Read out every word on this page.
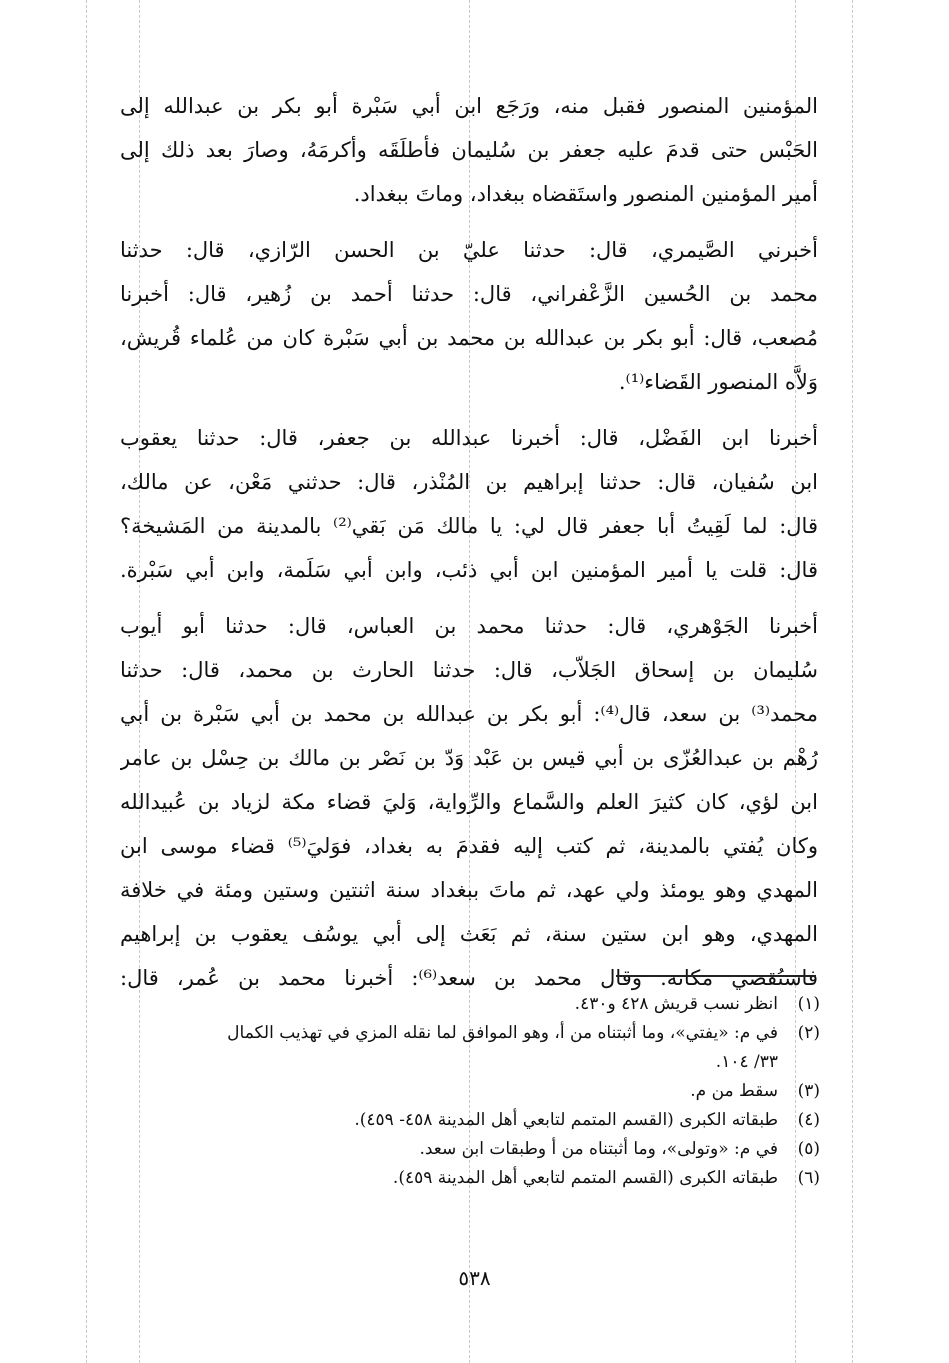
المؤمنين المنصور فقبل منه، ورَجَع ابن أبي سَبْرة أبو بكر بن عبدالله إلى
الحَبْس حتى قدمَ عليه جعفر بن سُليمان فأطلَقَه وأكرمَهُ، وصارَ بعد ذلك إلى
أمير المؤمنين المنصور واستَقضاه ببغداد، وماتَ ببغداد.
أخبرني الصَّيمري، قال: حدثنا عليّ بن الحسن الرّازي، قال: حدثنا
محمد بن الحُسين الزَّعْفراني، قال: حدثنا أحمد بن زُهير، قال: أخبرنا
مُصعب، قال: أبو بكر بن عبدالله بن محمد بن أبي سَبْرة كان من عُلماء قُريش،
وَلاَّه المنصور القَضاء⁽¹⁾.
أخبرنا ابن الفَضْل، قال: أخبرنا عبدالله بن جعفر، قال: حدثنا يعقوب
ابن سُفيان، قال: حدثنا إبراهيم بن المُنْذر، قال: حدثني مَعْن، عن مالك،
قال: لما لَقِيتُ أبا جعفر قال لي: يا مالك مَن بَقي⁽²⁾ بالمدينة من المَشيخة؟
قال: قلت يا أمير المؤمنين ابن أبي ذئب، وابن أبي سَلَمة، وابن أبي سَبْرة.
أخبرنا الجَوْهري، قال: حدثنا محمد بن العباس، قال: حدثنا أبو أيوب
سُليمان بن إسحاق الجَلاّب، قال: حدثنا الحارث بن محمد، قال: حدثنا
محمد⁽³⁾ بن سعد، قال⁽⁴⁾: أبو بكر بن عبدالله بن محمد بن أبي سَبْرة بن أبي
رُهْم بن عبدالعُزّى بن أبي قيس بن عَبْد وَدّ بن نَصْر بن مالك بن حِسْل بن عامر
ابن لؤي، كان كثيرَ العلم والسَّماع والرِّواية، وَليَ قضاء مكة لزياد بن عُبيدالله
وكان يُفتي بالمدينة، ثم كتب إليه فقدمَ به بغداد، فوَليَ⁽⁵⁾ قضاء موسى ابن
المهدي وهو يومئذ ولي عهد، ثم ماتَ ببغداد سنة اثنتين وستين ومئة في خلافة
المهدي، وهو ابن ستين سنة، ثم بَعَث إلى أبي يوسُف يعقوب بن إبراهيم
فاستُقضي مكانه. وقال محمد بن سعد⁽⁶⁾: أخبرنا محمد بن عُمر، قال:
(١)
انظر نسب قريش ٤٢٨ و٤٣٠.
(٢)
في م: «يفتي»، وما أثبتناه من أ، وهو الموافق لما نقله المزي في تهذيب الكمال
٣٣/ ١٠٤.
(٣)
سقط من م.
(٤)
طبقاته الكبرى (القسم المتمم لتابعي أهل المدينة ٤٥٨- ٤٥٩).
(٥)
في م: «وتولى»، وما أثبتناه من أ وطبقات ابن سعد.
(٦)
طبقاته الكبرى (القسم المتمم لتابعي أهل المدينة ٤٥٩).
٥٣٨
